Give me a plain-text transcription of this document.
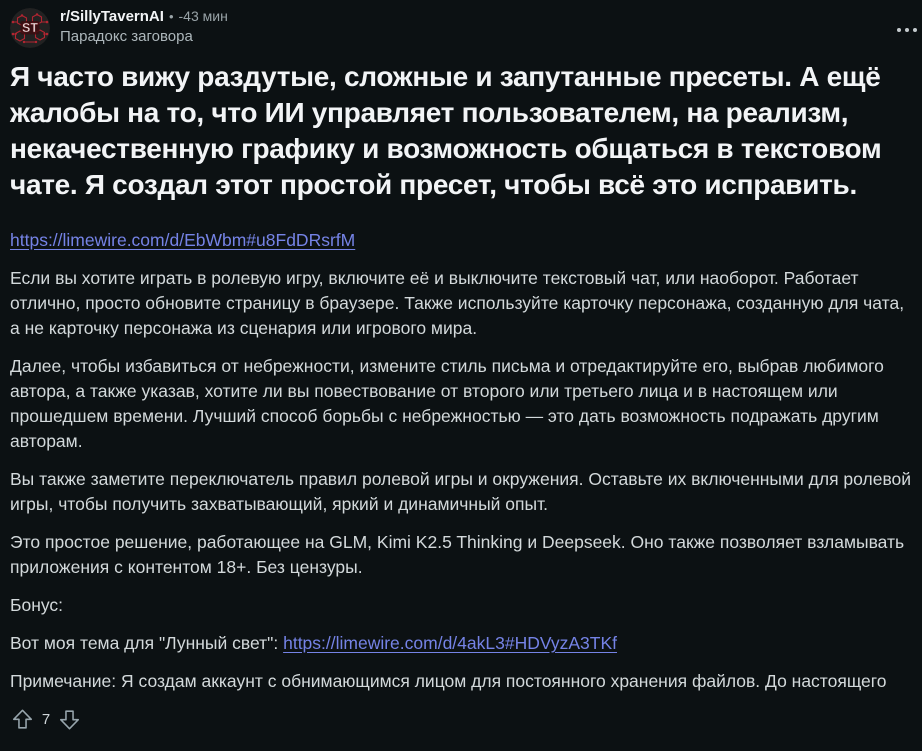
ST
r/SillyTavernAI • -43 мин
Парадокс заговора
Я часто вижу раздутые, сложные и запутанные пресеты. А ещё жалобы на то, что ИИ управляет пользователем, на реализм, некачественную графику и возможность общаться в текстовом чате. Я создал этот простой пресет, чтобы всё это исправить.

https://limewire.com/d/EbWbm#u8FdDRsrfM

Если вы хотите играть в ролевую игру, включите её и выключите текстовый чат, или наоборот. Работает отлично, просто обновите страницу в браузере. Также используйте карточку персонажа, созданную для чата, а не карточку персонажа из сценария или игрового мира.

Далее, чтобы избавиться от небрежности, измените стиль письма и отредактируйте его, выбрав любимого автора, а также указав, хотите ли вы повествование от второго или третьего лица и в настоящем или прошедшем времени. Лучший способ борьбы с небрежностью — это дать возможность подражать другим авторам.

Вы также заметите переключатель правил ролевой игры и окружения. Оставьте их включенными для ролевой игры, чтобы получить захватывающий, яркий и динамичный опыт.

Это простое решение, работающее на GLM, Kimi K2.5 Thinking и Deepseek. Оно также позволяет взламывать приложения с контентом 18+. Без цензуры.

Бонус:

Вот моя тема для "Лунный свет": https://limewire.com/d/4akL3#HDVyzA3TKf

Примечание: Я создам аккаунт с обнимающимся лицом для постоянного хранения файлов. До настоящего

7
